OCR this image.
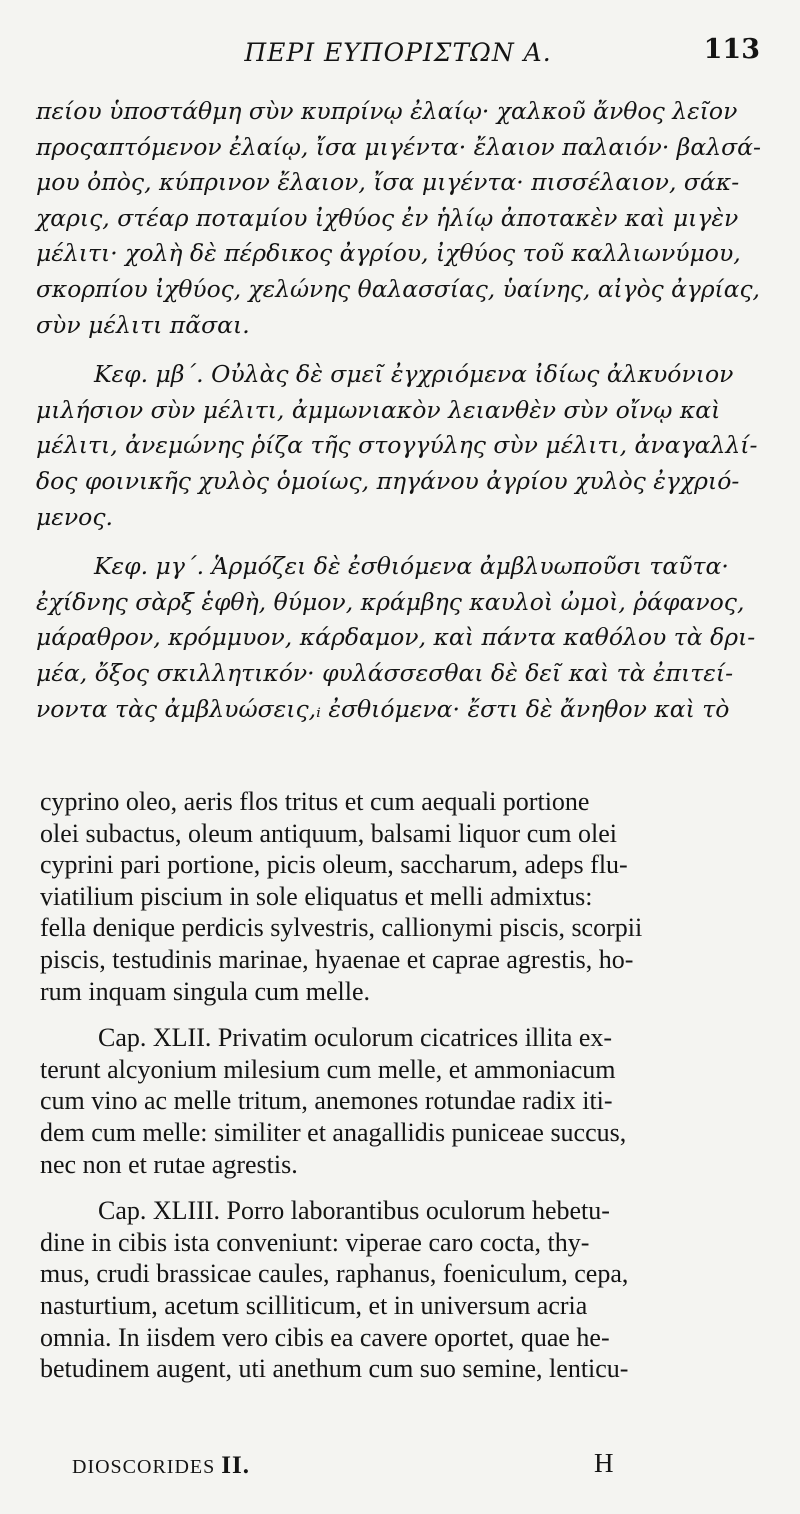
ΠΕΡΙ ΕΥΠΟΡΙΣΤΩΝ Α.	113
πείου ὑποστάθμη σὺν κυπρίνῳ ἐλαίῳ· χαλκοῦ ἄνθος λεῖον
προςαπτόμενον ἐλαίῳ, ἴσα μιγέντα· ἔλαιον παλαιόν· βαλσά-
μου ὀπὸς, κύπρινον ἔλαιον, ἴσα μιγέντα· πισσέλαιον, σάκ-
χαρις, στέαρ ποταμίου ἰχθύος ἐν ἡλίῳ ἀποτακὲν καὶ μιγὲν
μέλιτι· χολὴ δὲ πέρδικος ἀγρίου, ἰχθύος τοῦ καλλιωνύμου,
σκορπίου ἰχθύος, χελώνης θαλασσίας, ὑαίνης, αἰγὸς ἀγρίας,
σὺν μέλιτι πᾶσαι.
Κεφ. μβ΄. Οὐλὰς δὲ σμεῖ ἐγχριόμενα ἰδίως ἀλκυόνιον
μιλήσιον σὺν μέλιτι, ἀμμωνιακὸν λειανθὲν σὺν οἴνῳ καὶ
μέλιτι, ἀνεμώνης ῥίζα τῆς στογγύλης σὺν μέλιτι, ἀναγαλλί-
δος φοινικῆς χυλὸς ὁμοίως, πηγάνου ἀγρίου χυλὸς ἐγχριό-
μενος.
Κεφ. μγ΄. Ἁρμόζει δὲ ἐσθιόμενα ἀμβλυωποῦσι ταῦτα·
ἐχίδνης σὰρξ ἑφθὴ, θύμον, κράμβης καυλοὶ ὠμοὶ, ῥάφανος,
μάραθρον, κρόμμυον, κάρδαμον, καὶ πάντα καθόλου τὰ δρι-
μέα, ὄξος σκιλλητικόν· φυλάσσεσθαι δὲ δεῖ καὶ τὰ ἐπιτεί-
νοντα τὰς ἀμβλυώσεις,ᵢ ἐσθιόμενα· ἔστι δὲ ἄνηθον καὶ τὸ
cyprino oleo, aeris flos tritus et cum aequali portione
olei subactus, oleum antiquum, balsami liquor cum olei
cyprini pari portione, picis oleum, saccharum, adeps flu-
viatilium piscium in sole eliquatus et melli admixtus:
fella denique perdicis sylvestris, callionymi piscis, scorpii
piscis, testudinis marinae, hyaenae et caprae agrestis, ho-
rum inquam singula cum melle.
Cap. XLII. Privatim oculorum cicatrices illita ex-
terunt alcyonium milesium cum melle, et ammoniacum
cum vino ac melle tritum, anemones rotundae radix iti-
dem cum melle: similiter et anagallidis puniceae succus,
nec non et rutae agrestis.
Cap. XLIII. Porro laborantibus oculorum hebetu-
dine in cibis ista conveniunt: viperae caro cocta, thy-
mus, crudi brassicae caules, raphanus, foeniculum, cepa,
nasturtium, acetum scilliticum, et in universum acria
omnia. In iisdem vero cibis ea cavere oportet, quae he-
betudinem augent, uti anethum cum suo semine, lenticu-
DIOSCORIDES II.	H
